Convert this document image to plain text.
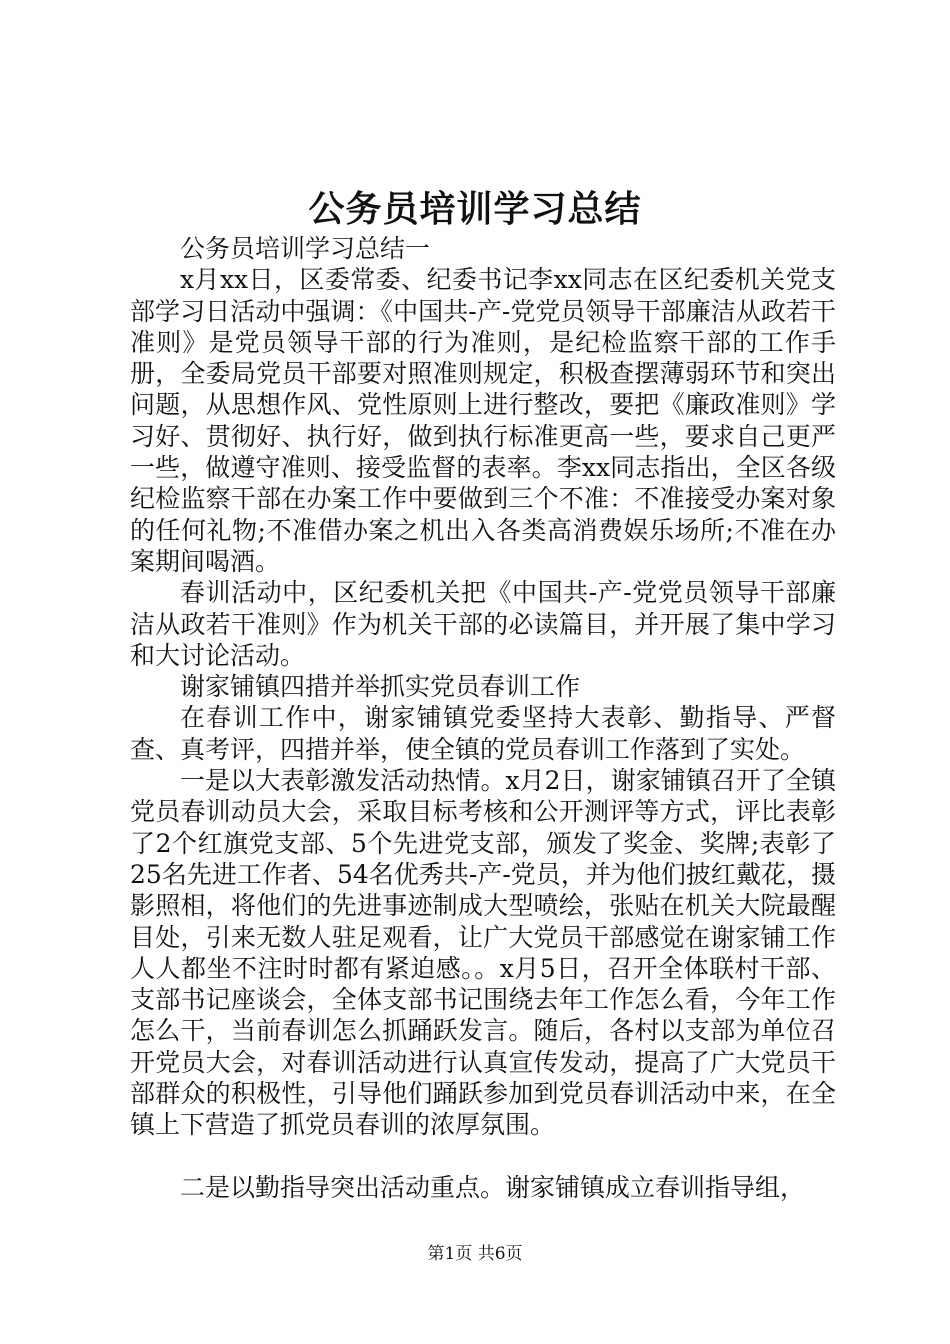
公务员培训学习总结

公务员培训学习总结一

x月xx日，区委常委、纪委书记李xx同志在区纪委机关党支部学习日活动中强调：《中国共-产-党党员领导干部廉洁从政若干准则》是党员领导干部的行为准则，是纪检监察干部的工作手册，全委局党员干部要对照准则规定，积极查摆薄弱环节和突出问题，从思想作风、党性原则上进行整改，要把《廉政准则》学习好、贯彻好、执行好，做到执行标准更高一些，要求自己更严一些，做遵守准则、接受监督的表率。李xx同志指出，全区各级纪检监察干部在办案工作中要做到三个不准：不准接受办案对象的任何礼物;不准借办案之机出入各类高消费娱乐场所;不准在办案期间喝酒。

春训活动中，区纪委机关把《中国共-产-党党员领导干部廉洁从政若干准则》作为机关干部的必读篇目，并开展了集中学习和大讨论活动。

谢家铺镇四措并举抓实党员春训工作

在春训工作中，谢家铺镇党委坚持大表彰、勤指导、严督查、真考评，四措并举，使全镇的党员春训工作落到了实处。

一是以大表彰激发活动热情。x月2日，谢家铺镇召开了全镇党员春训动员大会，采取目标考核和公开测评等方式，评比表彰了2个红旗党支部、5个先进党支部，颁发了奖金、奖牌;表彰了25名先进工作者、54名优秀共-产-党员，并为他们披红戴花，摄影照相，将他们的先进事迹制成大型喷绘，张贴在机关大院最醒目处，引来无数人驻足观看，让广大党员干部感觉在谢家铺工作人人都坐不注时时都有紧迫感。。x月5日，召开全体联村干部、支部书记座谈会，全体支部书记围绕去年工作怎么看，今年工作怎么干，当前春训怎么抓踊跃发言。随后，各村以支部为单位召开党员大会，对春训活动进行认真宣传发动，提高了广大党员干部群众的积极性，引导他们踊跃参加到党员春训活动中来，在全镇上下营造了抓党员春训的浓厚氛围。

二是以勤指导突出活动重点。谢家铺镇成立春训指导组，

第1页 共6页
